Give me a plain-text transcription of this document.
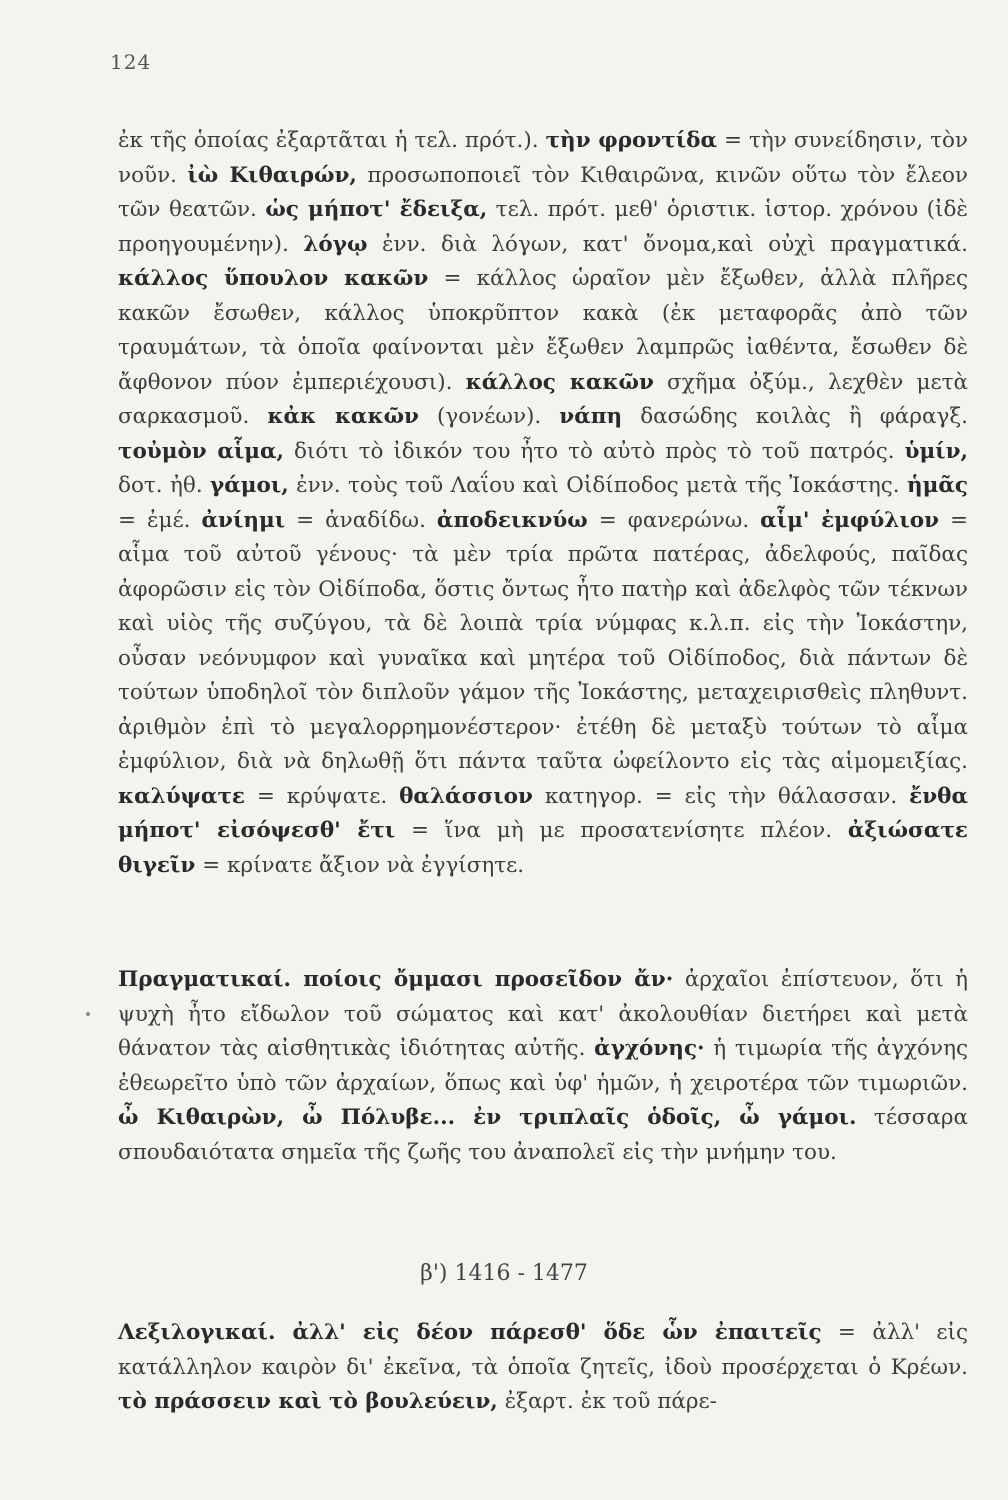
124
ἐκ τῆς ὁποίας ἐξαρτᾶται ἡ τελ. πρότ.). τὴν φροντίδα = τὴν συνείδησιν, τὸν νοῦν. ἰὼ Κιθαιρών, προσωποποιεῖ τὸν Κιθαιρῶνα, κινῶν οὕτω τὸν ἔλεον τῶν θεατῶν. ὡς μήποτ' ἔδειξα, τελ. πρότ. μεθ' ὁριστικ. ἱστορ. χρόνου (ἰδὲ προηγουμένην). λόγῳ ἐνν. διὰ λόγων, κατ' ὄνομα,καὶ οὐχὶ πραγματικά. κάλλος ὕπουλον κακῶν = κάλλος ὡραῖον μὲν ἔξωθεν, ἀλλὰ πλῆρες κακῶν ἔσωθεν, κάλλος ὑποκρῦπτον κακὰ (ἐκ μεταφορᾶς ἀπὸ τῶν τραυμάτων, τὰ ὁποῖα φαίνονται μὲν ἔξωθεν λαμπρῶς ἰαθέντα, ἔσωθεν δὲ ἄφθονον πύον ἐμπεριέχουσι). κάλλος κακῶν σχῆμα ὀξύμ., λεχθὲν μετὰ σαρκασμοῦ. κἀκ κακῶν (γονέων). νάπη δασώδης κοιλὰς ἢ φάραγξ. τοὐμὸν αἷμα, διότι τὸ ἰδικόν του ἦτο τὸ αὐτὸ πρὸς τὸ τοῦ πατρός. ὑμίν, δοτ. ἠθ. γάμοι, ἐνν. τοὺς τοῦ Λαΐου καὶ Οἰδίποδος μετὰ τῆς Ἰοκάστης. ἡμᾶς = ἐμέ. ἀνίημι = ἀναδίδω. ἀποδεικνύω = φανερώνω. αἷμ' ἐμφύλιον = αἷμα τοῦ αὐτοῦ γένους· τὰ μὲν τρία πρῶτα πατέρας, ἀδελφούς, παῖδας ἀφορῶσιν εἰς τὸν Οἰδίποδα, ὅστις ὄντως ἦτο πατὴρ καὶ ἀδελφὸς τῶν τέκνων καὶ υἱὸς τῆς συζύγου, τὰ δὲ λοιπὰ τρία νύμφας κ.λ.π. εἰς τὴν Ἰοκάστην, οὖσαν νεόνυμφον καὶ γυναῖκα καὶ μητέρα τοῦ Οἰδίποδος, διὰ πάντων δὲ τούτων ὑποδηλοῖ τὸν διπλοῦν γάμον τῆς Ἰοκάστης, μεταχειρισθεὶς πληθυντ. ἀριθμὸν ἐπὶ τὸ μεγαλορρημονέστερον· ἐτέθη δὲ μεταξὺ τούτων τὸ αἷμα ἐμφύλιον, διὰ νὰ δηλωθῇ ὅτι πάντα ταῦτα ὠφείλοντο εἰς τὰς αἱμομειξίας. καλύψατε = κρύψατε. θαλάσσιον κατηγορ. = εἰς τὴν θάλασσαν. ἔνθα μήποτ' εἰσόψεσθ' ἔτι = ἵνα μὴ με προσατενίσητε πλέον. ἀξιώσατε θιγεῖν = κρίνατε ἄξιον νὰ ἐγγίσητε.
Πραγματικαί. ποίοις ὄμμασι προσεῖδον ἄν· ἀρχαῖοι ἐπίστευον, ὅτι ἡ ψυχὴ ἦτο εἴδωλον τοῦ σώματος καὶ κατ' ἀκολουθίαν διετήρει καὶ μετὰ θάνατον τὰς αἰσθητικὰς ἰδιότητας αὐτῆς. ἀγχόνης· ἡ τιμωρία τῆς ἀγχόνης ἐθεωρεῖτο ὑπὸ τῶν ἀρχαίων, ὅπως καὶ ὑφ' ἡμῶν, ἡ χειροτέρα τῶν τιμωριῶν. ὦ Κιθαιρὼν, ὦ Πόλυβε... ἐν τριπλαῖς ὁδοῖς, ὦ γάμοι. τέσσαρα σπουδαιότατα σημεῖα τῆς ζωῆς του ἀναπολεῖ εἰς τὴν μνήμην του.
β') 1416 - 1477
Λεξιλογικαί. ἀλλ' εἰς δέον πάρεσθ' ὅδε ὧν ἐπαιτεῖς = ἀλλ' εἰς κατάλληλον καιρὸν δι' ἐκεῖνα, τὰ ὁποῖα ζητεῖς, ἰδοὺ προσέρχεται ὁ Κρέων. τὸ πράσσειν καὶ τὸ βουλεύειν, ἐξαρτ. ἐκ τοῦ πάρε-
